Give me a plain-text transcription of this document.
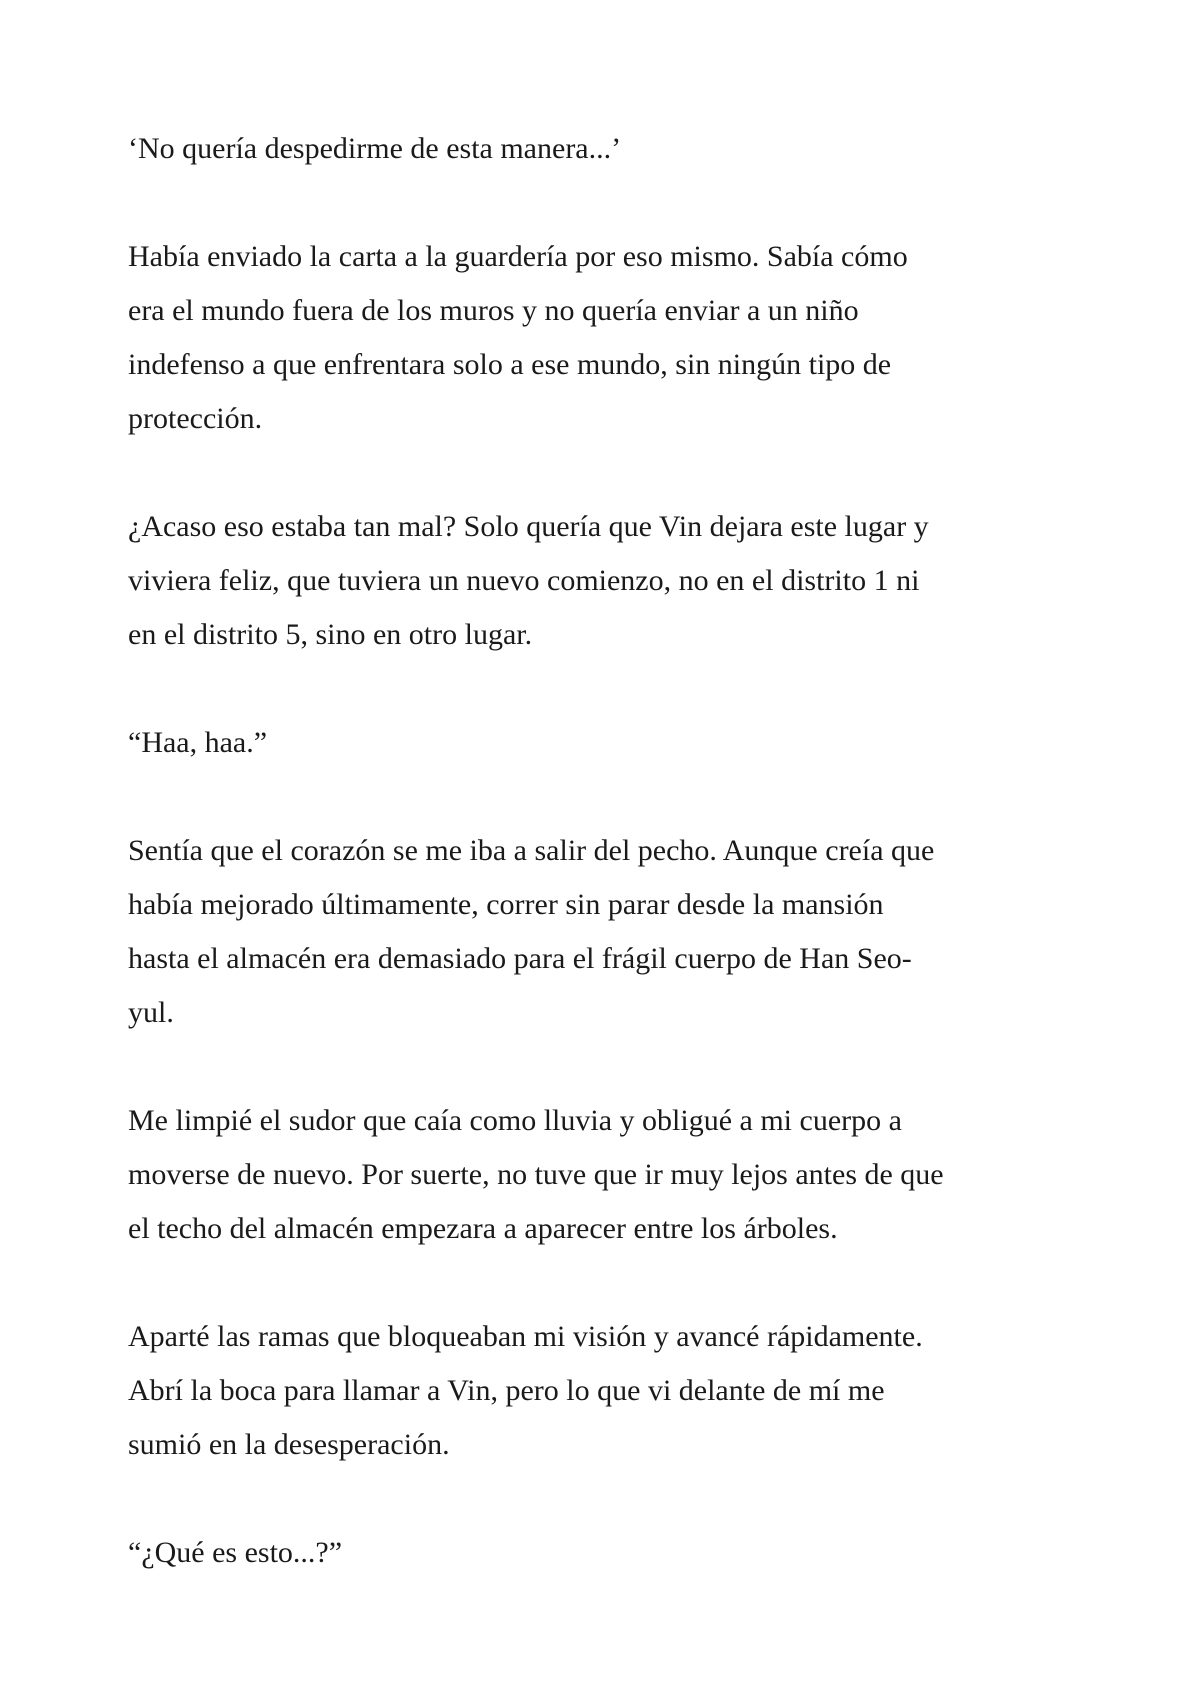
‘No quería despedirme de esta manera...’
Había enviado la carta a la guardería por eso mismo. Sabía cómo
era el mundo fuera de los muros y no quería enviar a un niño
indefenso a que enfrentara solo a ese mundo, sin ningún tipo de
protección.
¿Acaso eso estaba tan mal? Solo quería que Vin dejara este lugar y
viviera feliz, que tuviera un nuevo comienzo, no en el distrito 1 ni
en el distrito 5, sino en otro lugar.
“Haa, haa.”
Sentía que el corazón se me iba a salir del pecho. Aunque creía que
había mejorado últimamente, correr sin parar desde la mansión
hasta el almacén era demasiado para el frágil cuerpo de Han Seo-
yul.
Me limpié el sudor que caía como lluvia y obligué a mi cuerpo a
moverse de nuevo. Por suerte, no tuve que ir muy lejos antes de que
el techo del almacén empezara a aparecer entre los árboles.
Aparté las ramas que bloqueaban mi visión y avancé rápidamente.
Abrí la boca para llamar a Vin, pero lo que vi delante de mí me
sumió en la desesperación.
“¿Qué es esto...?”
